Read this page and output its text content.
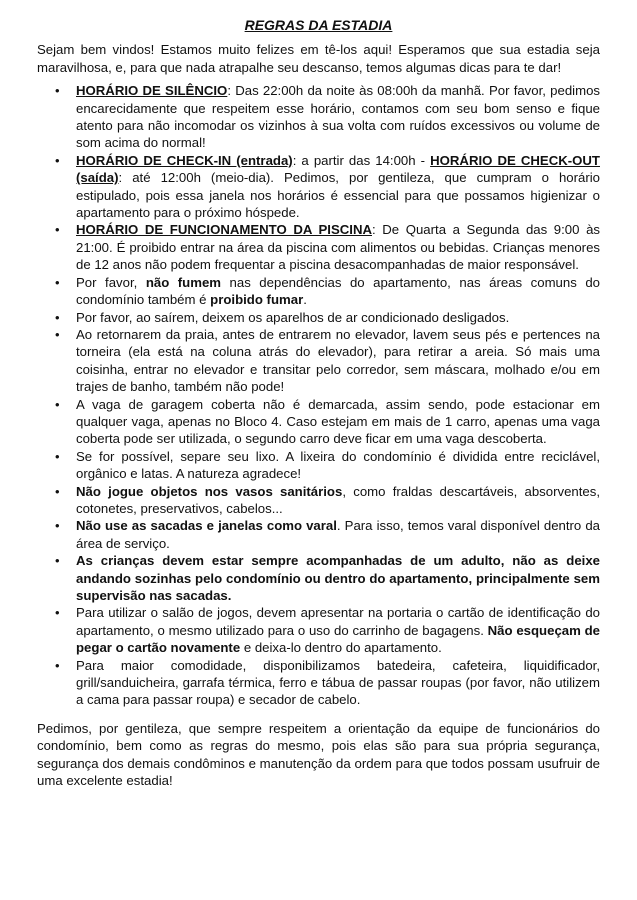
REGRAS DA ESTADIA

Sejam bem vindos! Estamos muito felizes em tê-los aqui! Esperamos que sua estadia seja maravilhosa, e, para que nada atrapalhe seu descanso, temos algumas dicas para te dar!

• HORÁRIO DE SILÊNCIO: Das 22:00h da noite às 08:00h da manhã. Por favor, pedimos encarecidamente que respeitem esse horário, contamos com seu bom senso e fique atento para não incomodar os vizinhos à sua volta com ruídos excessivos ou volume de som acima do normal!
• HORÁRIO DE CHECK-IN (entrada): a partir das 14:00h - HORÁRIO DE CHECK-OUT (saída): até 12:00h (meio-dia). Pedimos, por gentileza, que cumpram o horário estipulado, pois essa janela nos horários é essencial para que possamos higienizar o apartamento para o próximo hóspede.
• HORÁRIO DE FUNCIONAMENTO DA PISCINA: De Quarta a Segunda das 9:00 às 21:00. É proibido entrar na área da piscina com alimentos ou bebidas. Crianças menores de 12 anos não podem frequentar a piscina desacompanhadas de maior responsável.
• Por favor, não fumem nas dependências do apartamento, nas áreas comuns do condomínio também é proibido fumar.
• Por favor, ao saírem, deixem os aparelhos de ar condicionado desligados.
• Ao retornarem da praia, antes de entrarem no elevador, lavem seus pés e pertences na torneira (ela está na coluna atrás do elevador), para retirar a areia. Só mais uma coisinha, entrar no elevador e transitar pelo corredor, sem máscara, molhado e/ou em trajes de banho, também não pode!
• A vaga de garagem coberta não é demarcada, assim sendo, pode estacionar em qualquer vaga, apenas no Bloco 4. Caso estejam em mais de 1 carro, apenas uma vaga coberta pode ser utilizada, o segundo carro deve ficar em uma vaga descoberta.
• Se for possível, separe seu lixo. A lixeira do condomínio é dividida entre reciclável, orgânico e latas. A natureza agradece!
• Não jogue objetos nos vasos sanitários, como fraldas descartáveis, absorventes, cotonetes, preservativos, cabelos...
• Não use as sacadas e janelas como varal. Para isso, temos varal disponível dentro da área de serviço.
• As crianças devem estar sempre acompanhadas de um adulto, não as deixe andando sozinhas pelo condomínio ou dentro do apartamento, principalmente sem supervisão nas sacadas.
• Para utilizar o salão de jogos, devem apresentar na portaria o cartão de identificação do apartamento, o mesmo utilizado para o uso do carrinho de bagagens. Não esqueçam de pegar o cartão novamente e deixa-lo dentro do apartamento.
• Para maior comodidade, disponibilizamos batedeira, cafeteira, liquidificador, grill/sanduicheira, garrafa térmica, ferro e tábua de passar roupas (por favor, não utilizem a cama para passar roupa) e secador de cabelo.

Pedimos, por gentileza, que sempre respeitem a orientação da equipe de funcionários do condomínio, bem como as regras do mesmo, pois elas são para sua própria segurança, segurança dos demais condôminos e manutenção da ordem para que todos possam usufruir de uma excelente estadia!
